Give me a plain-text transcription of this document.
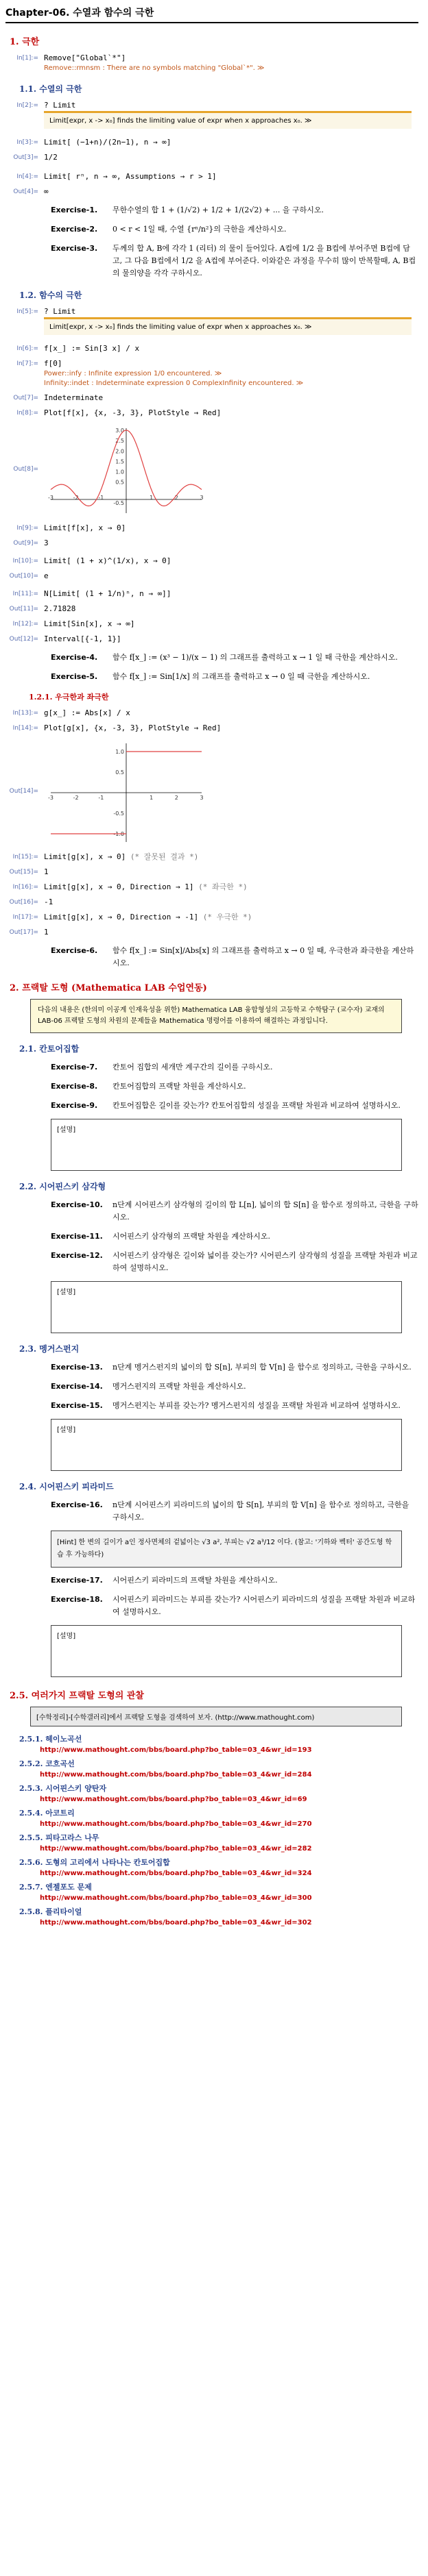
Chapter-06. 수열과 함수의 극한
1. 극한
In[1]:= Remove["Global`*"]
Remove::rmnsm : There are no symbols matching "Global`*". ≫
1.1. 수열의 극한
In[2]:= ? Limit
Limit[expr, x -> x₀] finds the limiting value of expr when x approaches x₀. ≫
In[3]:= Limit[ (−1+n)/(2n−1), n → ∞]
Out[3]= 1/2
In[4]:= Limit[ rⁿ, n → ∞, Assumptions → r > 1]
Out[4]= ∞
Exercise-1.	무한수열의 합 1 + (1/√2) + 1/2 + 1/(2√2) + ... 을 구하시오.
Exercise-2.	0 < r < 1일 때, 수열 {rⁿ/n²}의 극한을 계산하시오.
Exercise-3.	두께의 합 A, B에 각각 1 (리터) 의 물이 들어있다. A컵에 1/2 을 B컵에 부어주면 B컵에 담고, 그 다음 B컵에서 1/2 을 A컵에 부어준다. 이와같은 과정을 무수히 많이 반복할때, A, B컵의 물의양을 각각 구하시오.
1.2. 함수의 극한
In[5]:= ? Limit
Limit[expr, x -> x₀] finds the limiting value of expr when x approaches x₀. ≫
In[6]:= f[x_] := Sin[3 x] / x
In[7]:= f[0]
Power::infy : Infinite expression 1/0 encountered. ≫
Infinity::indet : Indeterminate expression 0 ComplexInfinity encountered. ≫
Out[7]= Indeterminate
In[8]:= Plot[f[x], {x, -3, 3}, PlotStyle → Red]
Out[8]=
-3	-2	-1	1	2	3
3.0
2.5
2.0
1.5
1.0
0.5
-0.5
In[9]:= Limit[f[x], x → 0]
Out[9]= 3
In[10]:= Limit[ (1 + x)^(1/x), x → 0]
Out[10]= e
In[11]:= N[Limit[ (1 + 1/n)ⁿ, n → ∞]]
Out[11]= 2.71828
In[12]:= Limit[Sin[x], x → ∞]
Out[12]= Interval[{-1, 1}]
Exercise-4.	함수 f[x_] := (x³ − 1)/(x − 1) 의 그래프를 출력하고 x → 1 일 때 극한을 계산하시오.
Exercise-5.	함수 f[x_] := Sin[1/x] 의 그래프를 출력하고 x → 0 일 때 극한을 계산하시오.
1.2.1. 우극한과 좌극한
In[13]:= g[x_] := Abs[x] / x
In[14]:= Plot[g[x], {x, -3, 3}, PlotStyle → Red]
Out[14]=
-3	-2	-1	1	2	3
1.0
0.5
-0.5
-1.0
In[15]:= Limit[g[x], x → 0] (* 잘못된 결과 *)
Out[15]= 1
In[16]:= Limit[g[x], x → 0, Direction → 1] (* 좌극한 *)
Out[16]= -1
In[17]:= Limit[g[x], x → 0, Direction → -1] (* 우극한 *)
Out[17]= 1
Exercise-6.	함수 f[x_] := Sin[x]/Abs[x] 의 그래프를 출력하고 x → 0 일 때, 우극한과 좌극한을 계산하시오.
2. 프랙탈 도형 (Mathematica LAB 수업연동)
다음의 내용은 (한의미 이공계 인재육성을 위한) Mathematica LAB 융합형성의 고등학교 수학탐구 (교수자) 교재의 LAB-06 프랙탈 도형의 차원의 문제들을 Mathematica 명령어를 이용하여 해결하는 과정입니다.
2.1. 칸토어집합
Exercise-7.	칸토어 집합의 세개만 계구간의 길이를 구하시오.
Exercise-8.	칸토어집합의 프랙탈 차원을 계산하시오.
Exercise-9.	칸토어집합은 길이를 갖는가? 칸토어집합의 성질을 프랙탈 차원과 비교하여 설명하시오.
[설명]
2.2. 시어핀스키 삼각형
Exercise-10.	n단계 시어핀스키 삼각형의 길이의 합 L[n], 넓이의 합 S[n] 을 함수로 정의하고, 극한을 구하시오.
Exercise-11.	시어핀스키 삼각형의 프랙탈 차원을 계산하시오.
Exercise-12.	시어핀스키 삼각형은 길이와 넓이를 갖는가? 시어핀스키 삼각형의 성질을 프랙탈 차원과 비교하여 설명하시오.
[설명]
2.3. 멩거스펀지
Exercise-13.	n단계 멩거스펀지의 넓이의 합 S[n], 부피의 합 V[n] 을 함수로 정의하고, 극한을 구하시오.
Exercise-14.	멩거스펀지의 프랙탈 차원을 계산하시오.
Exercise-15.	멩거스펀지는 부피를 갖는가? 멩거스펀지의 성질을 프랙탈 차원과 비교하여 설명하시오.
[설명]
2.4. 시어핀스키 피라미드
Exercise-16.	n단계 시어핀스키 피라미드의 넓이의 합 S[n], 부피의 합 V[n] 을 함수로 정의하고, 극한을 구하시오.
[Hint] 한 변의 길이가 a인 정사면체의 겉넓이는 √3 a², 부피는 √2 a³/12 이다. (참고: '기하와 벡터' 공간도형 학습 후 가능하다)
Exercise-17.	시어핀스키 피라미드의 프랙탈 차원을 계산하시오.
Exercise-18.	시어핀스키 피라미드는 부피를 갖는가? 시어핀스키 피라미드의 성질을 프랙탈 차원과 비교하여 설명하시오.
[설명]
2.5. 여러가지 프랙탈 도형의 관찰
[수학정리]-[수학갤러리]에서 프랙탈 도형을 검색하여 보자. (http://www.mathought.com)
2.5.1. 헤이노곡선
http://www.mathought.com/bbs/board.php?bo_table=03_4&wr_id=193
2.5.2. 코흐곡선
http://www.mathought.com/bbs/board.php?bo_table=03_4&wr_id=284
2.5.3. 시어핀스키 양탄자
http://www.mathought.com/bbs/board.php?bo_table=03_4&wr_id=69
2.5.4. 아코트리
http://www.mathought.com/bbs/board.php?bo_table=03_4&wr_id=270
2.5.5. 피타고라스 나무
http://www.mathought.com/bbs/board.php?bo_table=03_4&wr_id=282
2.5.6. 도형의 고리에서 나타나는 칸토어집합
http://www.mathought.com/bbs/board.php?bo_table=03_4&wr_id=324
2.5.7. 엔젤포도 문제
http://www.mathought.com/bbs/board.php?bo_table=03_4&wr_id=300
2.5.8. 플리타이얼
http://www.mathought.com/bbs/board.php?bo_table=03_4&wr_id=302
